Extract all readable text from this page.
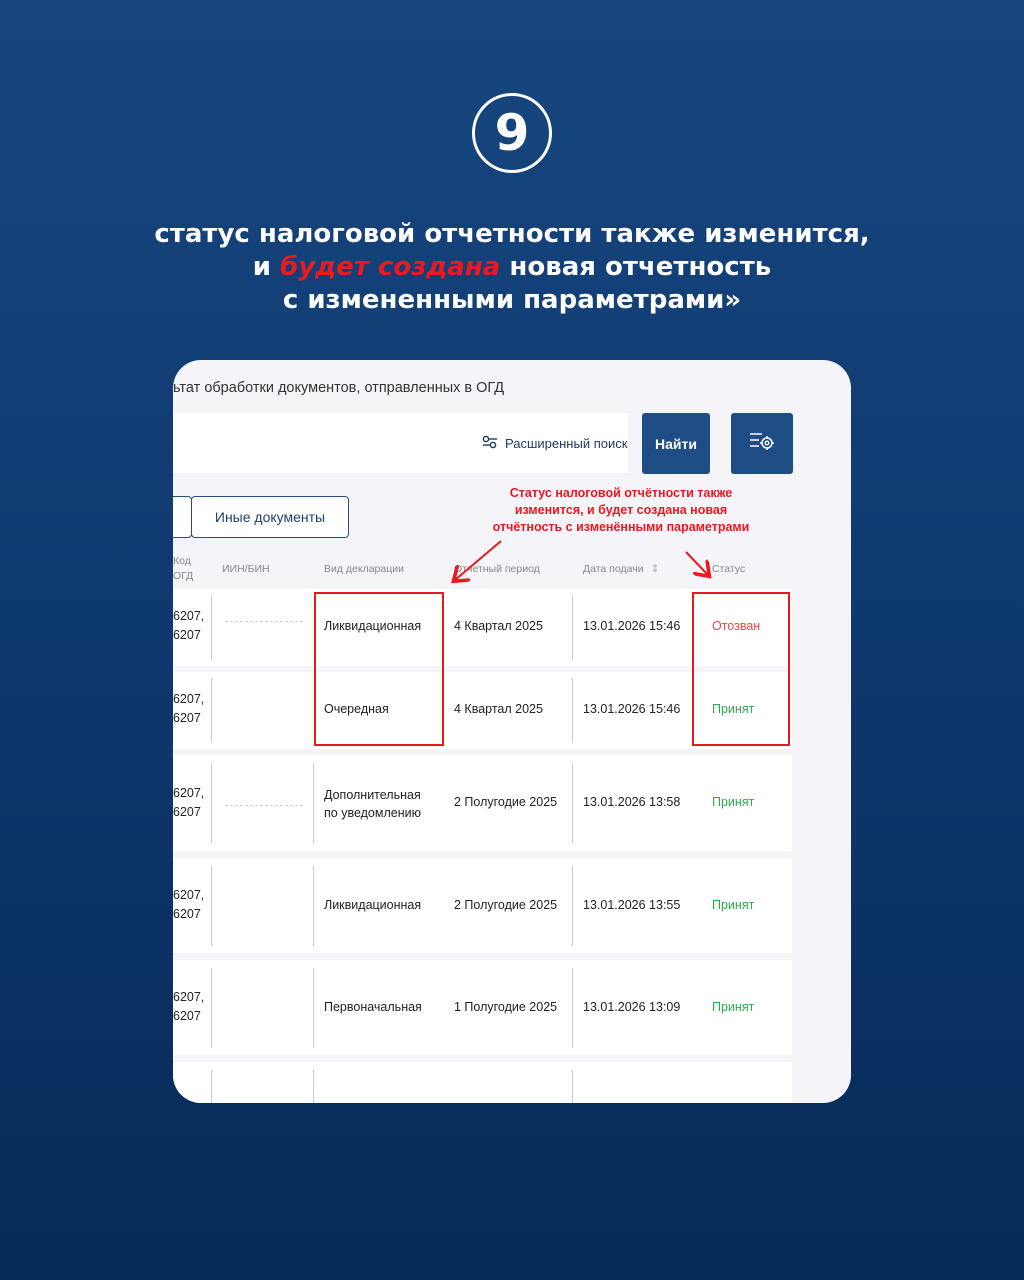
9
статус налоговой отчетности также изменится,
и будет создана новая отчетность
с измененными параметрами»
ьтат обработки документов, отправленных в ОГД
Расширенный поиск	Найти
Иные документы
Код
ОГД
ИИН/БИН	Вид декларации	Отчетный период	Дата подачи ⇕	Статус
6207,
6207
Ликвидационная	4 Квартал 2025	13.01.2026 15:46	Отозван
6207,
6207
Очередная	4 Квартал 2025	13.01.2026 15:46	Принят
6207,
6207
Дополнительная
по уведомлению
2 Полугодие 2025 13.01.2026 13:58	Принят
6207,
6207
Ликвидационная	2 Полугодие 2025 13.01.2026 13:55	Принят
6207,
6207
Первоначальная	1 Полугодие 2025 13.01.2026 13:09	Принят
Статус налоговой отчётности также изменится, и будет создана новая отчётность с изменёнными параметрами
